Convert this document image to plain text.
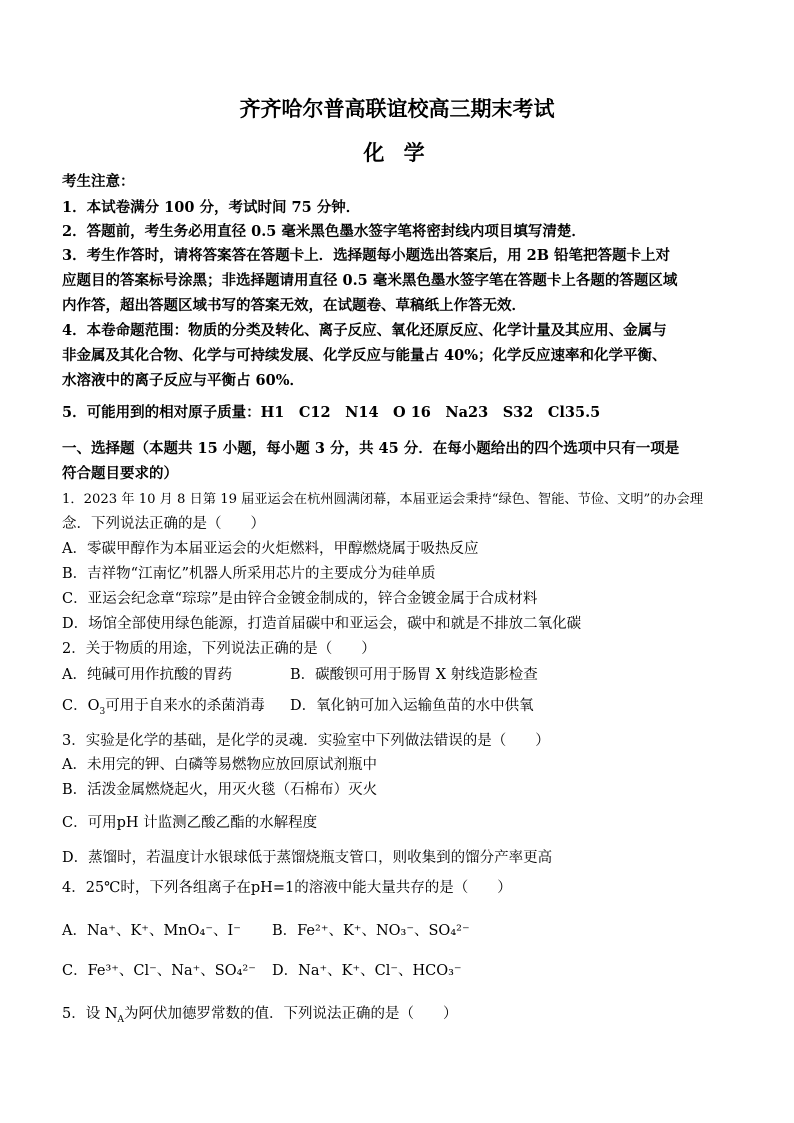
齐齐哈尔普高联谊校高三期末考试
化 学
考生注意：
1．本试卷满分 100 分，考试时间 75 分钟．
2．答题前，考生务必用直径 0.5 毫米黑色墨水签字笔将密封线内项目填写清楚．
3．考生作答时，请将答案答在答题卡上．选择题每小题选出答案后，用 2B 铅笔把答题卡上对
应题目的答案标号涂黑；非选择题请用直径 0.5 毫米黑色墨水签字笔在答题卡上各题的答题区域
内作答，超出答题区域书写的答案无效，在试题卷、草稿纸上作答无效．
4．本卷命题范围：物质的分类及转化、离子反应、氧化还原反应、化学计量及其应用、金属与
非金属及其化合物、化学与可持续发展、化学反应与能量占 40%；化学反应速率和化学平衡、
水溶液中的离子反应与平衡占 60%．
5．可能用到的相对原子质量：H1　C12　N14　O 16　Na23　S32　Cl35.5
一、选择题（本题共 15 小题，每小题 3 分，共 45 分．在每小题给出的四个选项中只有一项是
符合题目要求的）
1．2023 年 10 月 8 日第 19 届亚运会在杭州圆满闭幕，本届亚运会秉持“绿色、智能、节俭、文明”的办会理
念．下列说法正确的是（　　）
A．零碳甲醇作为本届亚运会的火炬燃料，甲醇燃烧属于吸热反应
B．吉祥物“江南忆”机器人所采用芯片的主要成分为硅单质
C．亚运会纪念章“琮琮”是由锌合金镀金制成的，锌合金镀金属于合成材料
D．场馆全部使用绿色能源，打造首届碳中和亚运会，碳中和就是不排放二氧化碳
2．关于物质的用途，下列说法正确的是（　　）
A．纯碱可用作抗酸的胃药	B．碳酸钡可用于肠胃 X 射线造影检查
C．$O_3$可用于自来水的杀菌消毒 D．氧化钠可加入运输鱼苗的水中供氧
3．实验是化学的基础，是化学的灵魂．实验室中下列做法错误的是（　　）
A．未用完的钾、白磷等易燃物应放回原试剂瓶中
B．活泼金属燃烧起火，用灭火毯（石棉布）灭火
C．可用pH 计监测乙酸乙酯的水解程度
D．蒸馏时，若温度计水银球低于蒸馏烧瓶支管口，则收集到的馏分产率更高
4．25℃时，下列各组离子在pH=1的溶液中能大量共存的是（　　）
A．Na⁺、K⁺、MnO₄⁻、I⁻ B．Fe²⁺、K⁺、NO₃⁻、SO₄²⁻
C．Fe³⁺、Cl⁻、Na⁺、SO₄²⁻ D．Na⁺、K⁺、Cl⁻、HCO₃⁻
5．设 $N_A$为阿伏加德罗常数的值．下列说法正确的是（　　）
